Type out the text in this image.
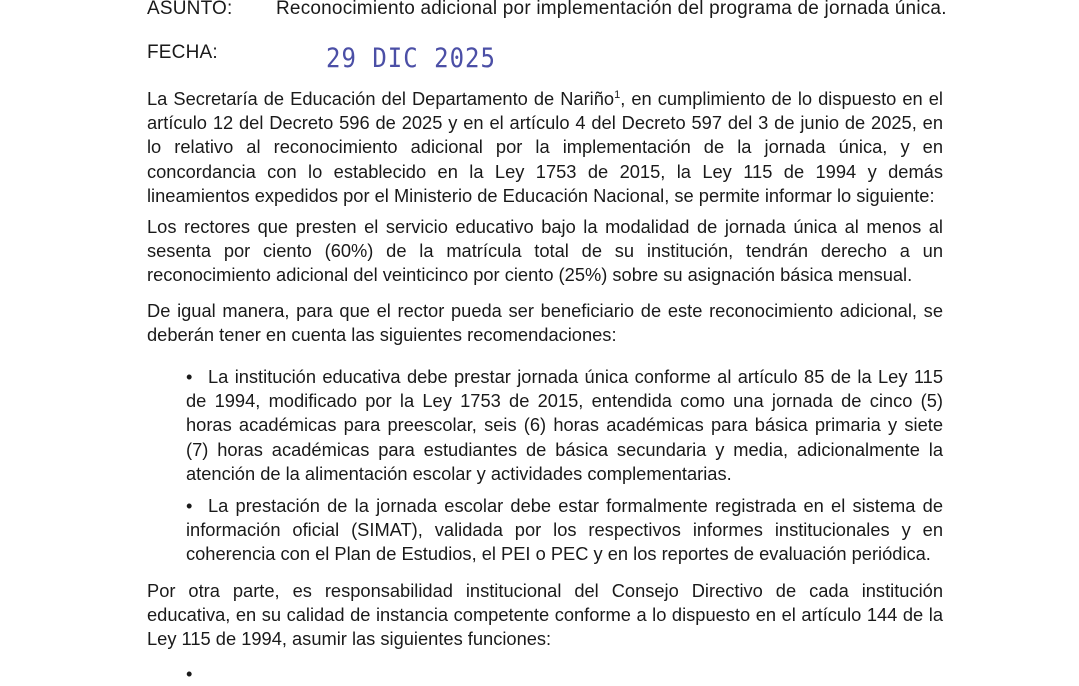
ASUNTO: Reconocimiento adicional por implementación del programa de jornada única.
FECHA:	29 DIC 2025

La Secretaría de Educación del Departamento de Nariño$^1$, en cumplimiento de lo dispuesto en el artículo 12 del Decreto 596 de 2025 y en el artículo 4 del Decreto 597 del 3 de junio de 2025, en lo relativo al reconocimiento adicional por la implementación de la jornada única, y en concordancia con lo establecido en la Ley 1753 de 2015, la Ley 115 de 1994 y demás lineamientos expedidos por el Ministerio de Educación Nacional, se permite informar lo siguiente:

Los rectores que presten el servicio educativo bajo la modalidad de jornada única al menos al sesenta por ciento (60%) de la matrícula total de su institución, tendrán derecho a un reconocimiento adicional del veinticinco por ciento (25%) sobre su asignación básica mensual.

De igual manera, para que el rector pueda ser beneficiario de este reconocimiento adicional, se deberán tener en cuenta las siguientes recomendaciones:

• La institución educativa debe prestar jornada única conforme al artículo 85 de la Ley 115 de 1994, modificado por la Ley 1753 de 2015, entendida como una jornada de cinco (5) horas académicas para preescolar, seis (6) horas académicas para básica primaria y siete (7) horas académicas para estudiantes de básica secundaria y media, adicionalmente la atención de la alimentación escolar y actividades complementarias.
• La prestación de la jornada escolar debe estar formalmente registrada en el sistema de información oficial (SIMAT), validada por los respectivos informes institucionales y en coherencia con el Plan de Estudios, el PEI o PEC y en los reportes de evaluación periódica.

Por otra parte, es responsabilidad institucional del Consejo Directivo de cada institución educativa, en su calidad de instancia competente conforme a lo dispuesto en el artículo 144 de la Ley 115 de 1994, asumir las siguientes funciones:

•
